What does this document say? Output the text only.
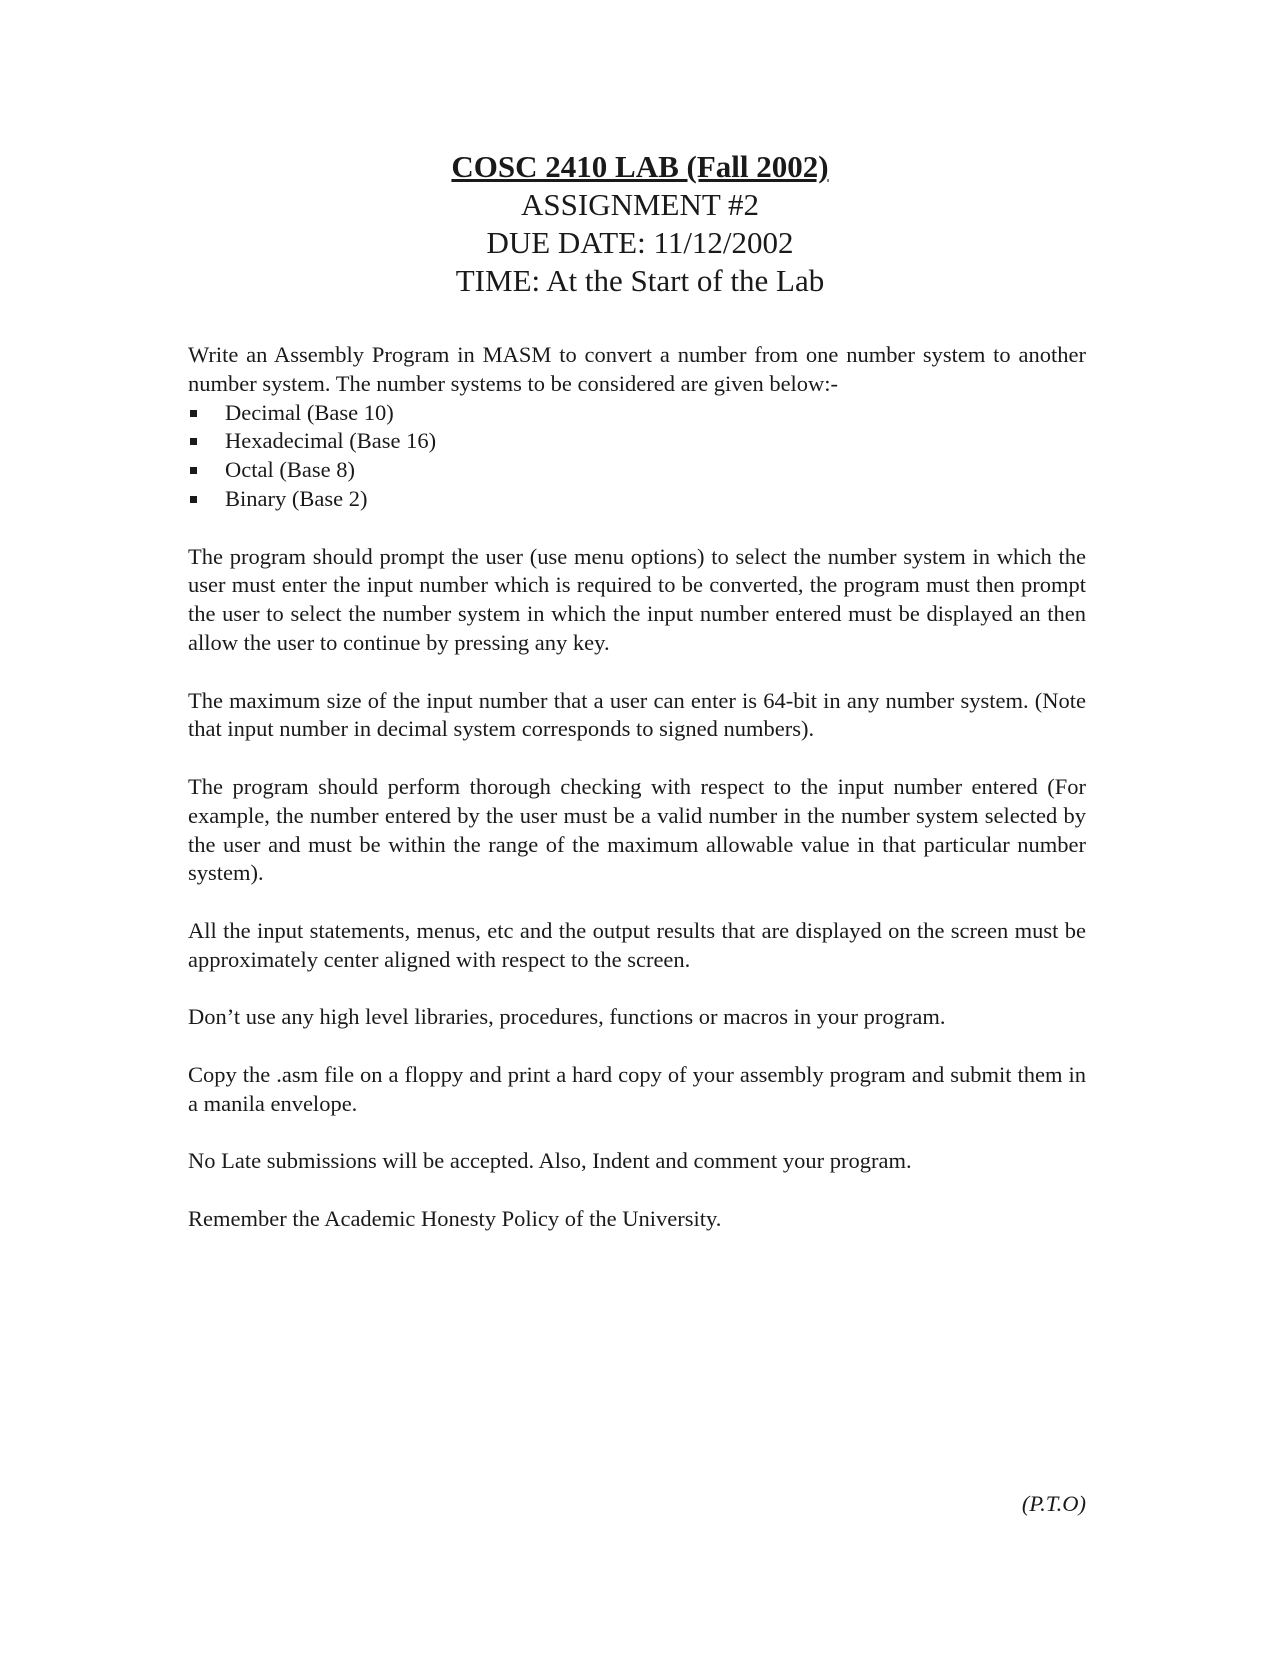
COSC 2410 LAB (Fall 2002)
ASSIGNMENT #2
DUE DATE: 11/12/2002
TIME: At the Start of the Lab

Write an Assembly Program in MASM to convert a number from one number system to another number system. The number systems to be considered are given below:-

Decimal (Base 10)
Hexadecimal (Base 16)
Octal (Base 8)
Binary (Base 2)

The program should prompt the user (use menu options) to select the number system in which the user must enter the input number which is required to be converted, the program must then prompt the user to select the number system in which the input number entered must be displayed an then allow the user to continue by pressing any key.

The maximum size of the input number that a user can enter is 64-bit in any number system. (Note that input number in decimal system corresponds to signed numbers).

The program should perform thorough checking with respect to the input number entered (For example, the number entered by the user must be a valid number in the number system selected by the user and must be within the range of the maximum allowable value in that particular number system).

All the input statements, menus, etc and the output results that are displayed on the screen must be approximately center aligned with respect to the screen.

Don’t use any high level libraries, procedures, functions or macros in your program.

Copy the .asm file on a floppy and print a hard copy of your assembly program and submit them in a manila envelope.

No Late submissions will be accepted. Also, Indent and comment your program.

Remember the Academic Honesty Policy of the University.

(P.T.O)
